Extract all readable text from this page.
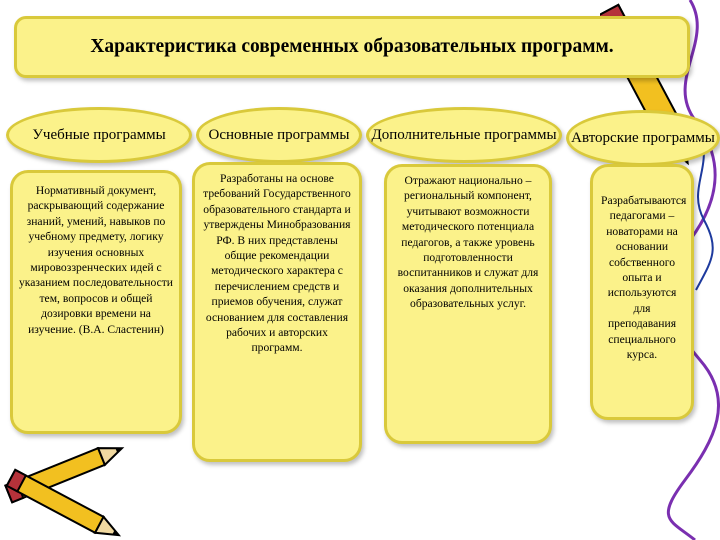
Характеристика современных образовательных программ.
Учебные программы	Основные программы	Дополнительные программы Авторские программы
Нормативный документ, раскрывающий содержание знаний, умений, навыков по учебному предмету, логику изучения основных мировоззренческих идей с указанием последовательности тем, вопросов и общей дозировки времени на изучение. (В.А. Сластенин)
Разработаны на основе требований Государственного образовательного стандарта и утверждены Минобразования РФ. В них представлены общие рекомендации методического характера с перечислением средств и приемов обучения, служат основанием для составления рабочих и авторских программ.
Отражают национально – региональный компонент, учитывают возможности методического потенциала педагогов, а также уровень подготовленности воспитанников и служат для оказания дополнительных образовательных услуг.
Разрабатываются педагогами – новаторами на основании собственного опыта и используются для преподавания специального курса.
